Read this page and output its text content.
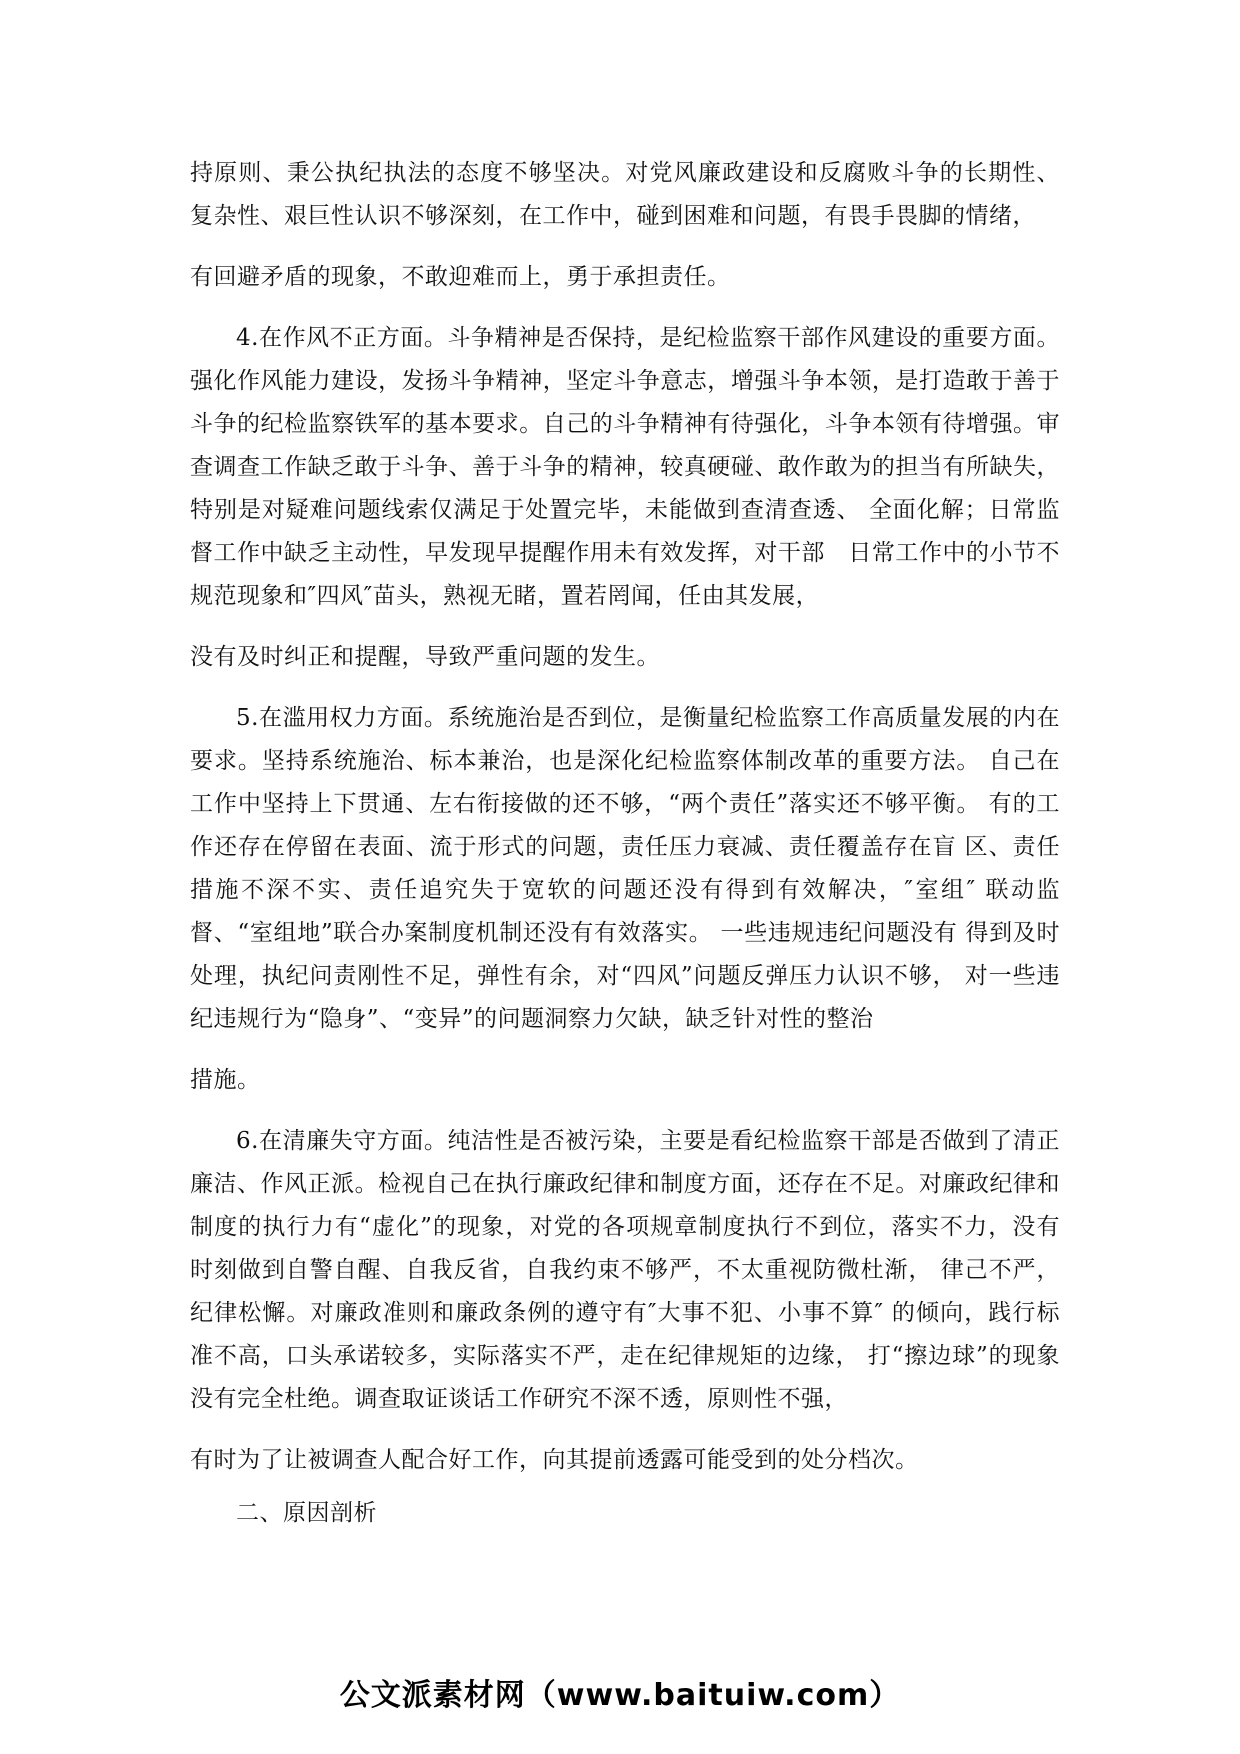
持原则、秉公执纪执法的态度不够坚决。对党风廉政建设和反腐败斗争的长期性、 复杂性、艰巨性认识不够深刻，在工作中，碰到困难和问题，有畏手畏脚的情绪，

有回避矛盾的现象，不敢迎难而上，勇于承担责任。

4.在作风不正方面。斗争精神是否保持，是纪检监察干部作风建设的重要方面。强化作风能力建设，发扬斗争精神，坚定斗争意志，增强斗争本领，是打造敢于善于斗争的纪检监察铁军的基本要求。自己的斗争精神有待强化，斗争本领有待增强。审查调查工作缺乏敢于斗争、善于斗争的精神，较真硬碰、敢作敢为的担当有所缺失，特别是对疑难问题线索仅满足于处置完毕，未能做到查清查透、 全面化解；日常监督工作中缺乏主动性，早发现早提醒作用未有效发挥，对干部　日常工作中的小节不规范现象和″四风″苗头，熟视无睹，置若罔闻，任由其发展，

没有及时纠正和提醒，导致严重问题的发生。

5.在滥用权力方面。系统施治是否到位，是衡量纪检监察工作高质量发展的内在要求。坚持系统施治、标本兼治，也是深化纪检监察体制改革的重要方法。 自己在工作中坚持上下贯通、左右衔接做的还不够，“两个责任”落实还不够平衡。 有的工作还存在停留在表面、流于形式的问题，责任压力衰减、责任覆盖存在盲 区、责任措施不深不实、责任追究失于宽软的问题还没有得到有效解决，″室组″ 联动监督、“室组地”联合办案制度机制还没有有效落实。 一些违规违纪问题没有 得到及时处理，执纪问责刚性不足，弹性有余，对“四风”问题反弹压力认识不够， 对一些违纪违规行为“隐身”、“变异”的问题洞察力欠缺，缺乏针对性的整治

措施。

6.在清廉失守方面。纯洁性是否被污染，主要是看纪检监察干部是否做到了清正廉洁、作风正派。检视自己在执行廉政纪律和制度方面，还存在不足。对廉政纪律和制度的执行力有“虚化”的现象，对党的各项规章制度执行不到位，落实不力，没有时刻做到自警自醒、自我反省，自我约束不够严，不太重视防微杜渐， 律己不严，纪律松懈。对廉政准则和廉政条例的遵守有″大事不犯、小事不算″ 的倾向，践行标准不高，口头承诺较多，实际落实不严，走在纪律规矩的边缘， 打“擦边球”的现象没有完全杜绝。调查取证谈话工作研究不深不透，原则性不强，

有时为了让被调查人配合好工作，向其提前透露可能受到的处分档次。

二、原因剖析

公文派素材网（www.baituiw.com）
